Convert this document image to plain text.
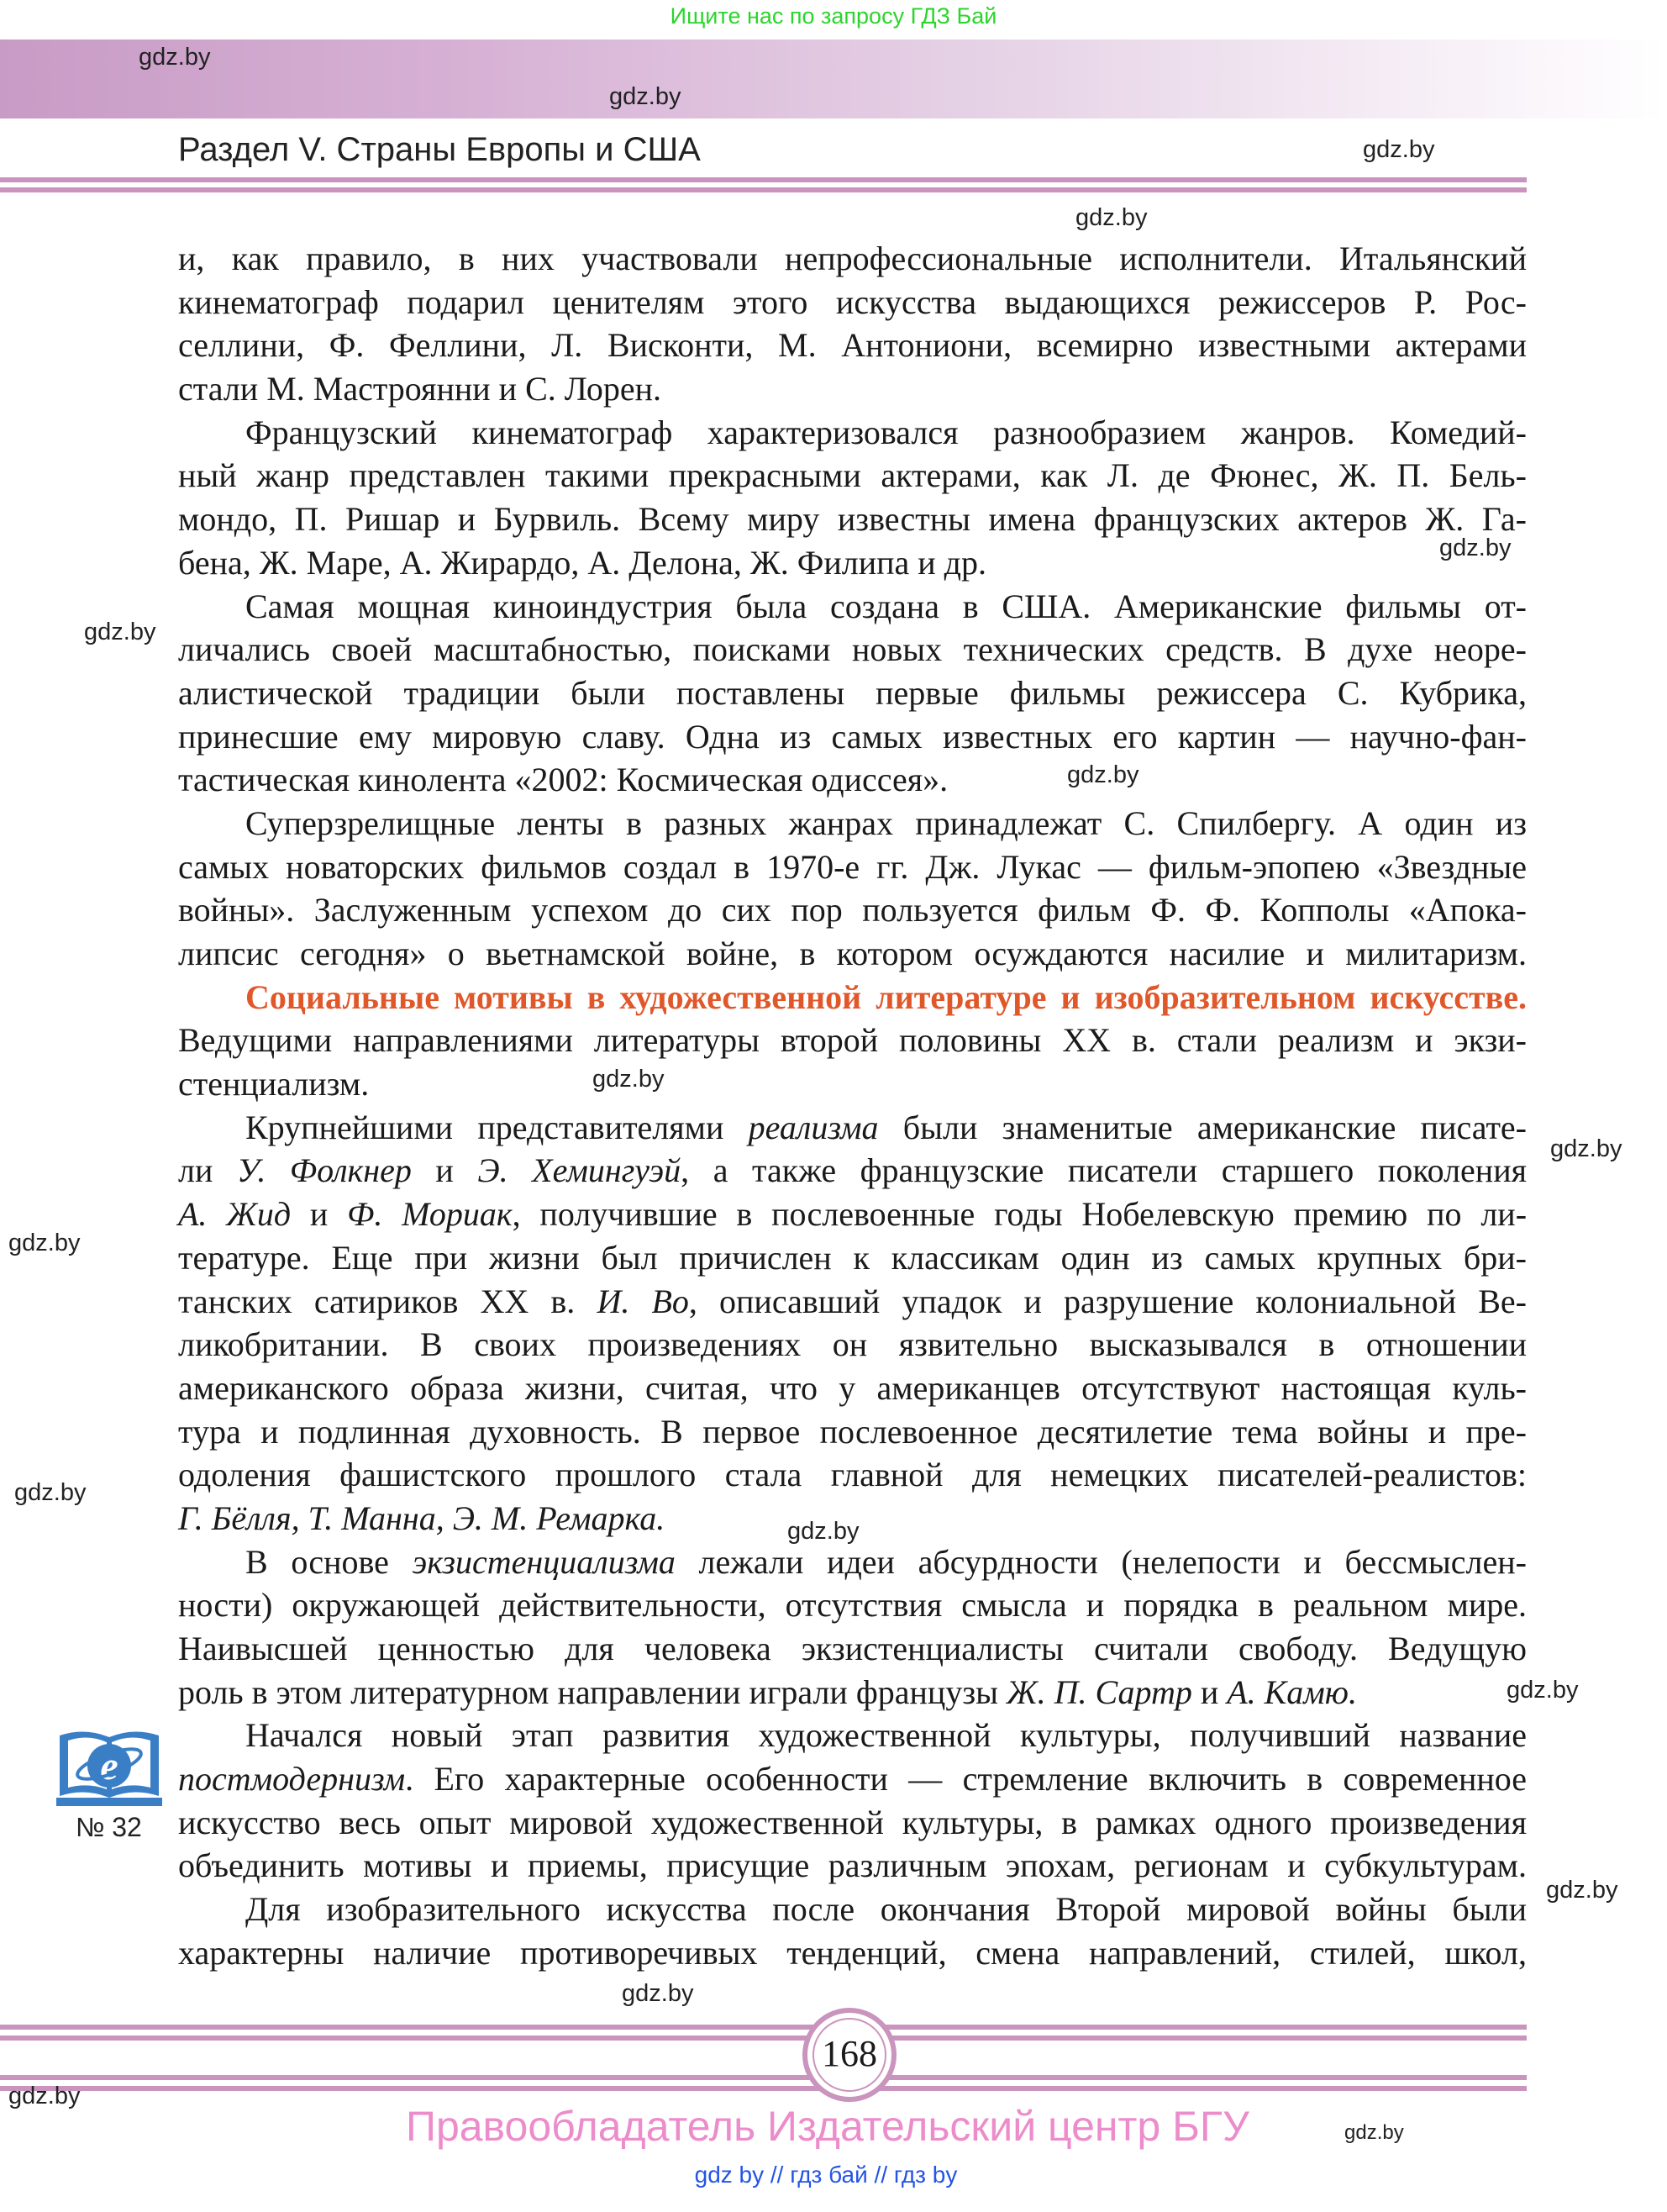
Ищите нас по запросу ГДЗ Бай
Раздел V. Страны Европы и США
и, как правило, в них участвовали непрофессиональные исполнители. Итальянский
кинематограф подарил ценителям этого искусства выдающихся режиссеров Р. Рос-
селлини, Ф. Феллини, Л. Висконти, М. Антониони, всемирно известными актерами
стали М. Мастроянни и С. Лорен.
Французский кинематограф характеризовался разнообразием жанров. Комедий-
ный жанр представлен такими прекрасными актерами, как Л. де Фюнес, Ж. П. Бель-
мондо, П. Ришар и Бурвиль. Всему миру известны имена французских актеров Ж. Га-
бена, Ж. Маре, А. Жирардо, А. Делона, Ж. Филипа и др.
Самая мощная киноиндустрия была создана в США. Американские фильмы от-
личались своей масштабностью, поисками новых технических средств. В духе неоре-
алистической традиции были поставлены первые фильмы режиссера С. Кубрика,
принесшие ему мировую славу. Одна из самых известных его картин — научно-фан-
тастическая кинолента «2002: Космическая одиссея».
Суперзрелищные ленты в разных жанрах принадлежат С. Спилбергу. А один из
самых новаторских фильмов создал в 1970-е гг. Дж. Лукас — фильм-эпопею «Звездные
войны». Заслуженным успехом до сих пор пользуется фильм Ф. Ф. Копполы «Апока-
липсис сегодня» о вьетнамской войне, в котором осуждаются насилие и милитаризм.
Социальные мотивы в художественной литературе и изобразительном искусстве.
Ведущими направлениями литературы второй половины XX в. стали реализм и экзи-
стенциализм.
Крупнейшими представителями реализма были знаменитые американские писате-
ли У. Фолкнер и Э. Хемингуэй, а также французские писатели старшего поколения
А. Жид и Ф. Мориак, получившие в послевоенные годы Нобелевскую премию по ли-
тературе. Еще при жизни был причислен к классикам один из самых крупных бри-
танских сатириков XX в. И. Во, описавший упадок и разрушение колониальной Ве-
ликобритании. В своих произведениях он язвительно высказывался в отношении
американского образа жизни, считая, что у американцев отсутствуют настоящая куль-
тура и подлинная духовность. В первое послевоенное десятилетие тема войны и пре-
одоления фашистского прошлого стала главной для немецких писателей-реалистов:
Г. Бёлля, Т. Манна, Э. М. Ремарка.
В основе экзистенциализма лежали идеи абсурдности (нелепости и бессмыслен-
ности) окружающей действительности, отсутствия смысла и порядка в реальном мире.
Наивысшей ценностью для человека экзистенциалисты считали свободу. Ведущую
роль в этом литературном направлении играли французы Ж. П. Сартр и А. Камю.
Начался новый этап развития художественной культуры, получивший название
постмодернизм. Его характерные особенности — стремление включить в современное
искусство весь опыт мировой художественной культуры, в рамках одного произведения
объединить мотивы и приемы, присущие различным эпохам, регионам и субкультурам.
Для изобразительного искусства после окончания Второй мировой войны были
характерны наличие противоречивых тенденций, смена направлений, стилей, школ,
e
№ 32
168
Правообладатель Издательский центр БГУ
gdz by // гдз бай // гдз by
gdz.by
gdz.by
gdz.by
gdz.by
gdz.by
gdz.by
gdz.by
gdz.by
gdz.by
gdz.by
gdz.by
gdz.by
gdz.by
gdz.by
gdz.by
gdz.by
gdz.by
